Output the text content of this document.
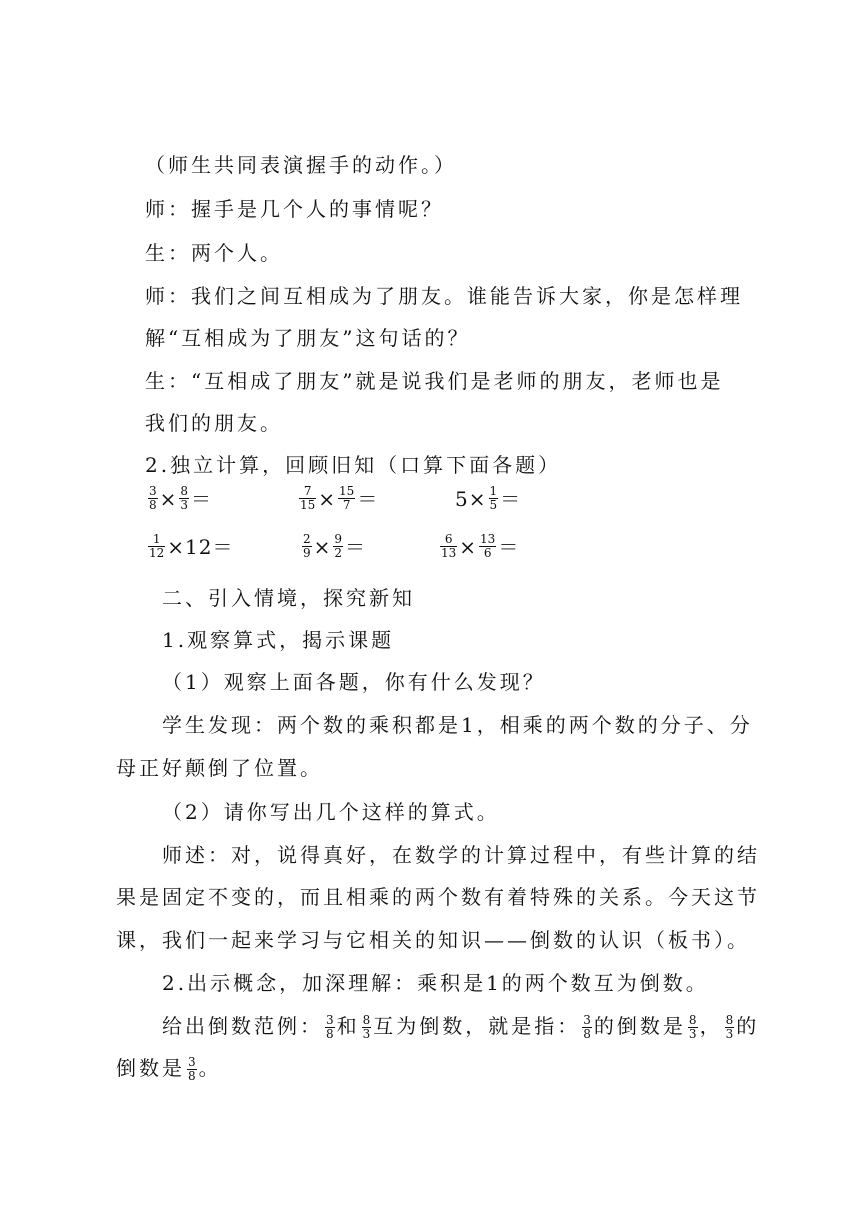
（师生共同表演握手的动作。）
师：握手是几个人的事情呢？
生：两个人。
师：我们之间互相成为了朋友。谁能告诉大家，你是怎样理
解“互相成为了朋友”这句话的？
生：“互相成了朋友”就是说我们是老师的朋友，老师也是
我们的朋友。
2.独立计算，回顾旧知（口算下面各题）
$\frac{3}{8} \times \frac{8}{3}$ ＝	$\frac{7}{15} \times \frac{15}{7}$ ＝	$5\times \frac{1}{5}$ ＝
$\frac{1}{12} \times 12=$	$\frac{2}{9} \times \frac{9}{2}$ ＝	$\frac{6}{13} \times \frac{13}{6}$ ＝
二、引入情境，探究新知
1.观察算式，揭示课题
（1）观察上面各题，你有什么发现？
学生发现：两个数的乘积都是1，相乘的两个数的分子、分
母正好颠倒了位置。
（2）请你写出几个这样的算式。
师述：对，说得真好，在数学的计算过程中，有些计算的结
果是固定不变的，而且相乘的两个数有着特殊的关系。今天这节
课，我们一起来学习与它相关的知识——倒数的认识（板书）。
2.出示概念，加深理解：乘积是1的两个数互为倒数。
给出倒数范例： $\frac{3}{8}$ 和 $\frac{8}{3}$ 互为倒数，就是指： $\frac{3}{8}$ 的倒数是 $\frac{8}{3}$ ， $\frac{8}{3}$ 的
倒数是 $\frac{3}{8}$ 。
